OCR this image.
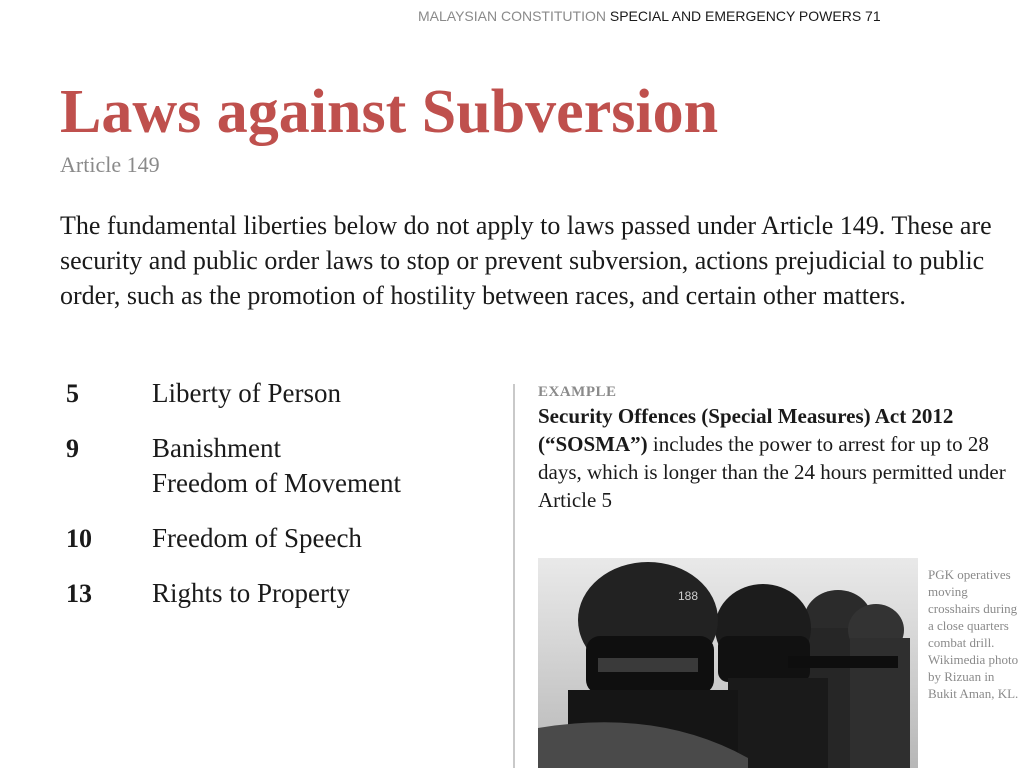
MALAYSIAN CONSTITUTION SPECIAL AND EMERGENCY POWERS 71
Laws against Subversion
Article 149
The fundamental liberties below do not apply to laws passed under Article 149. These are security and public order laws to stop or prevent subversion, actions prejudicial to public order, such as the promotion of hostility between races, and certain other matters.
5	Liberty of Person
9	Banishment
Freedom of Movement
10 Freedom of Speech
13 Rights to Property
EXAMPLE
Security Offences (Special Measures) Act 2012 (“SOSMA”) includes the power to arrest for up to 28 days, which is longer than the 24 hours permitted under Article 5
188
PGK operatives moving crosshairs during a close quarters combat drill. Wikimedia photo by Rizuan in Bukit Aman, KL.
